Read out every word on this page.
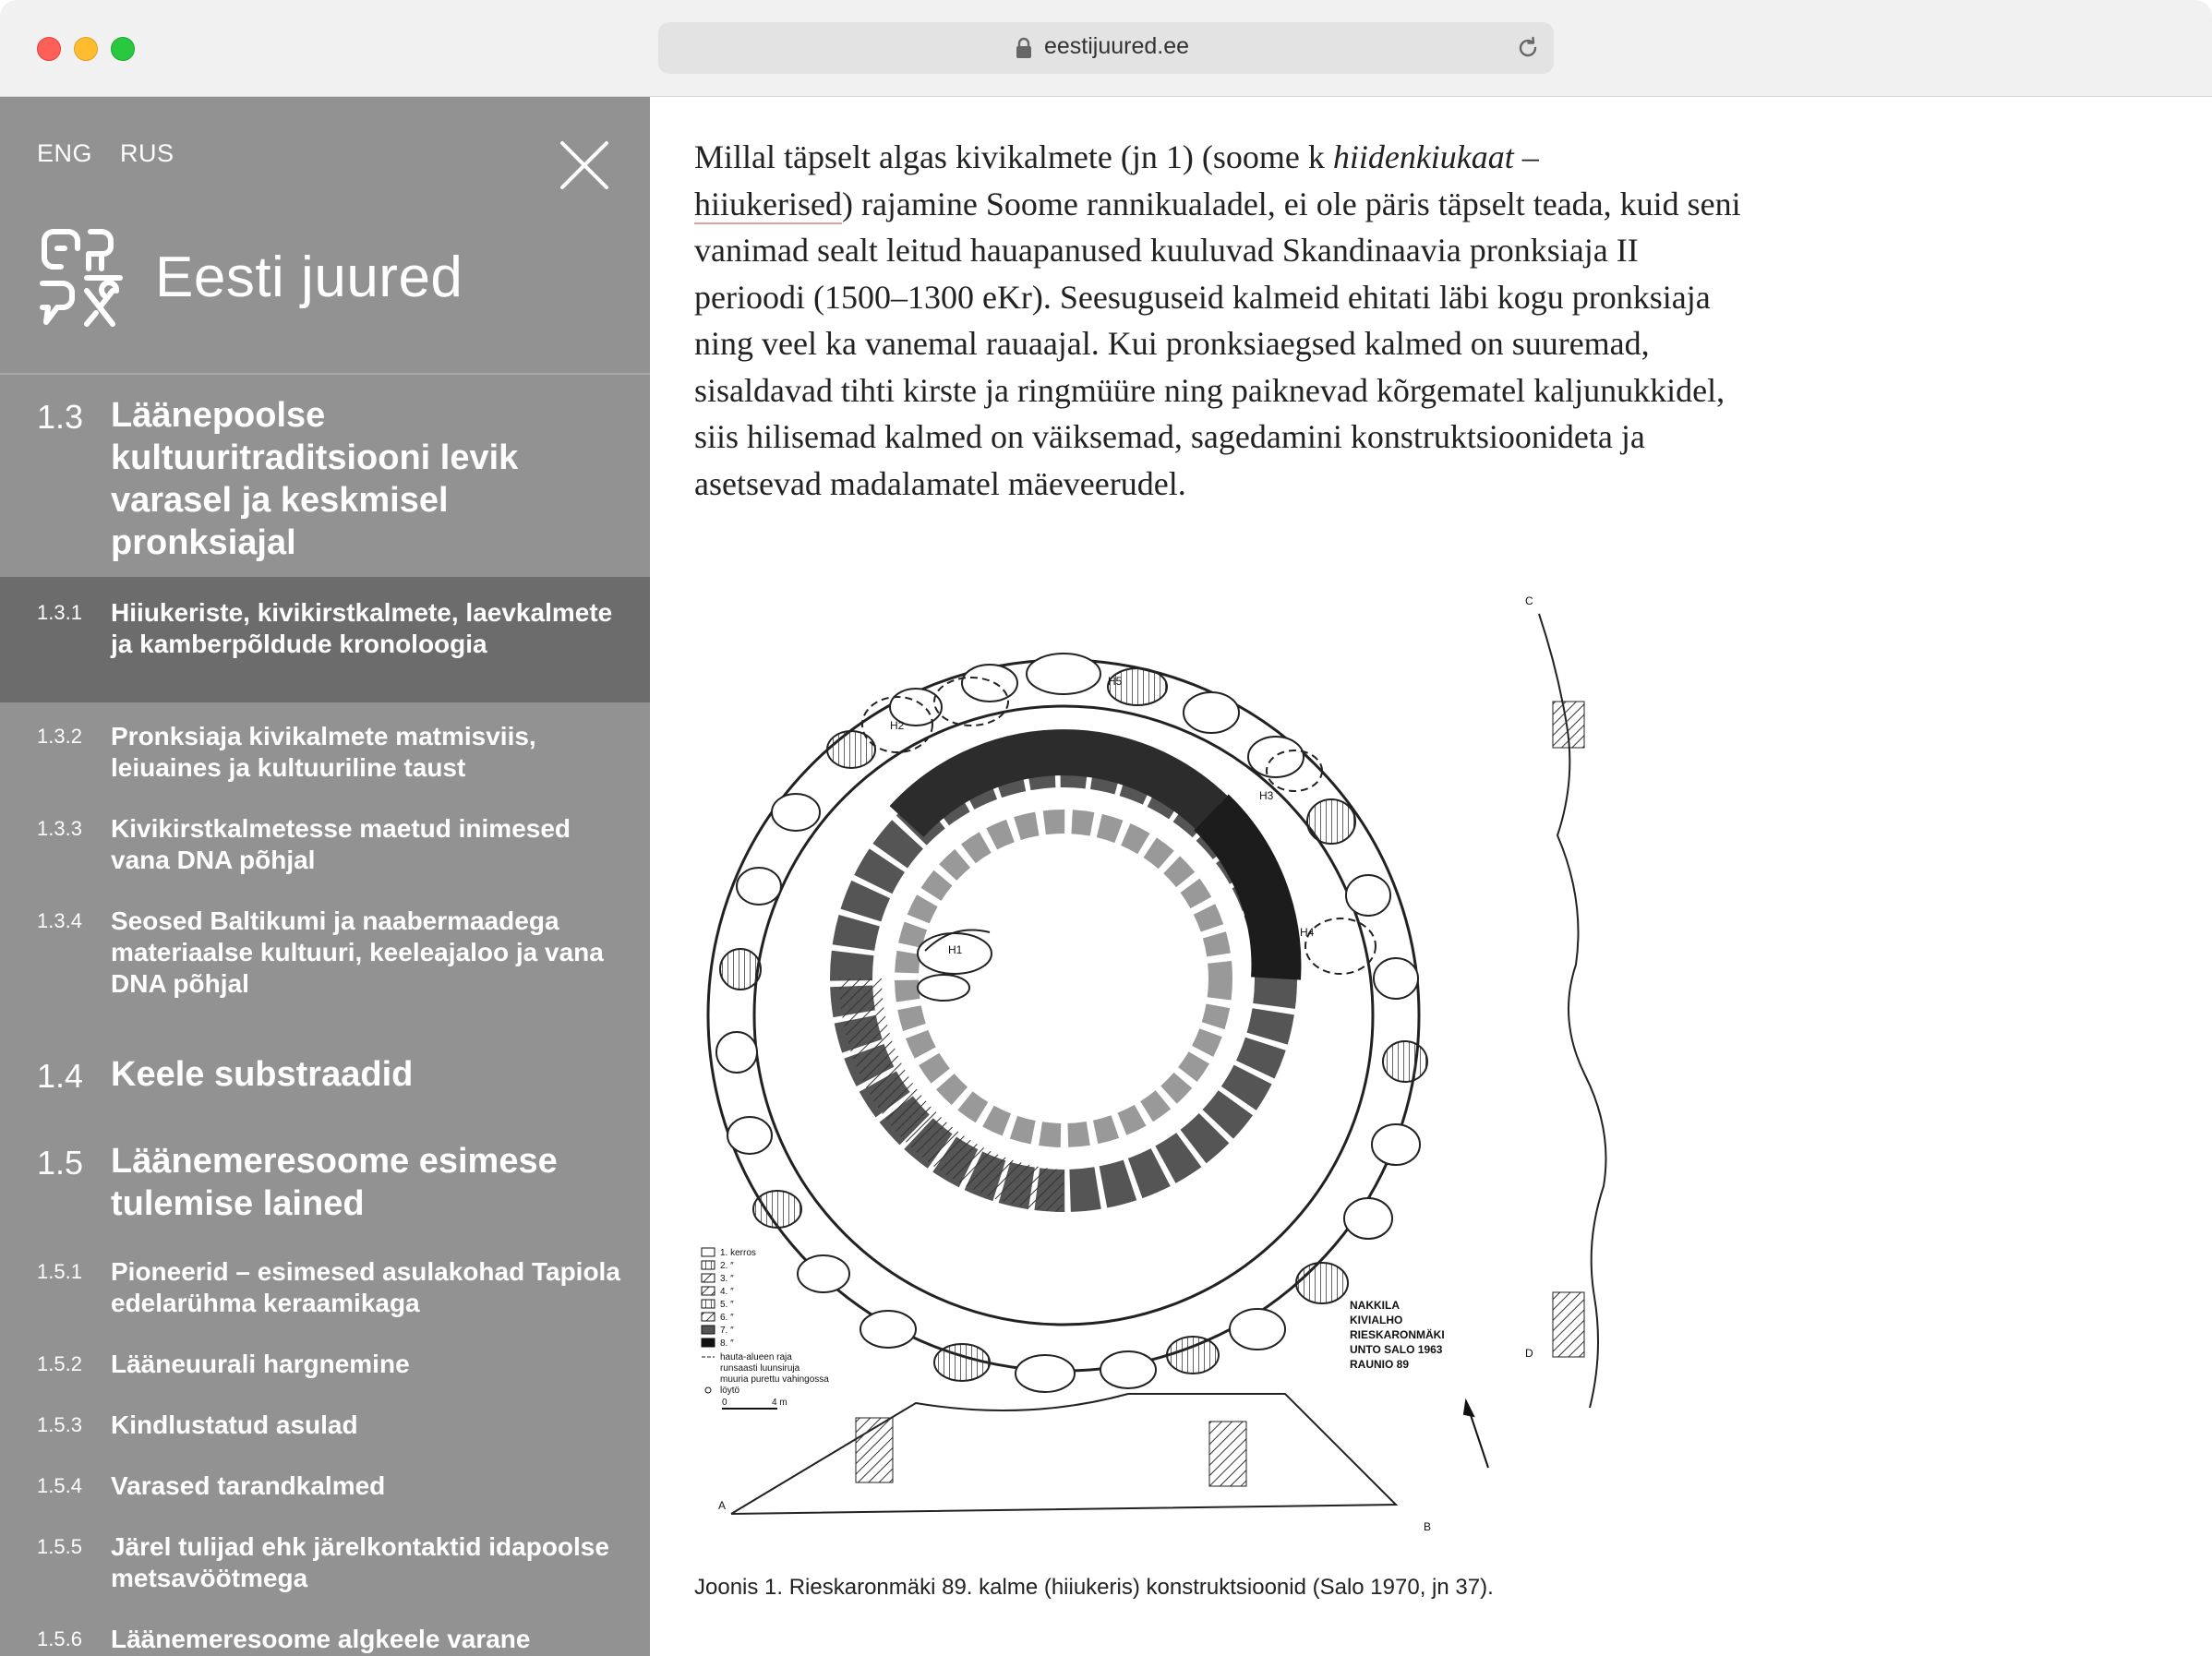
eestijuured.ee
ENG RUS
Eesti juured
1.3 Läänepoolse kultuuritraditsiooni levik varasel ja keskmisel pronksiajal
1.3.1 Hiiukeriste, kivikirstkalmete, laevkalmete ja kamberpõldude kronoloogia
1.3.2 Pronksiaja kivikalmete matmisviis, leiuaines ja kultuuriline taust
1.3.3 Kivikirstkalmetesse maetud inimesed vana DNA põhjal
1.3.4 Seosed Baltikumi ja naabermaadega materiaalse kultuuri, keeleajaloo ja vana DNA põhjal
1.4 Keele substraadid
1.5 Läänemeresoome esimese tulemise lained
1.5.1 Pioneerid – esimesed asulakohad Tapiola edelarühma keraamikaga
1.5.2 Lääneuurali hargnemine
1.5.3 Kindlustatud asulad
1.5.4 Varased tarandkalmed
1.5.5 Järel tulijad ehk järelkontaktid idapoolse metsavöötmega
1.5.6 Läänemeresoome algkeele varane

Millal täpselt algas kivikalmete (jn 1) (soome k hiidenkiukaat –
hiiukerised) rajamine Soome rannikualadel, ei ole päris täpselt teada, kuid seni vanimad sealt leitud hauapanused kuuluvad Skandinaavia pronksiaja II perioodi (1500–1300 eKr). Seesuguseid kalmeid ehitati läbi kogu pronksiaja ning veel ka vanemal rauaajal. Kui pronksiaegsed kalmed on suuremad, sisaldavad tihti kirste ja ringmüüre ning paiknevad kõrgematel kaljunukkidel, siis hilisemad kalmed on väiksemad, sagedamini konstruktsioonideta ja asetsevad madalamatel mäeveerudel.

H1
H2
H3
H4
H5
A
B
C
D
1. kerros
2. ″
3. ″
4. ″
5. ″
6. ″
7. ″
8. ″
hauta-alueen raja
runsaasti luunsiruja
muuria purettu vahingossa
löytö
0	4 m
NAKKILA
KIVIALHO
RIESKARONMÄKI
UNTO SALO 1963
RAUNIO 89
Joonis 1. Rieskaronmäki 89. kalme (hiiukeris) konstruktsioonid (Salo 1970, jn 37).
